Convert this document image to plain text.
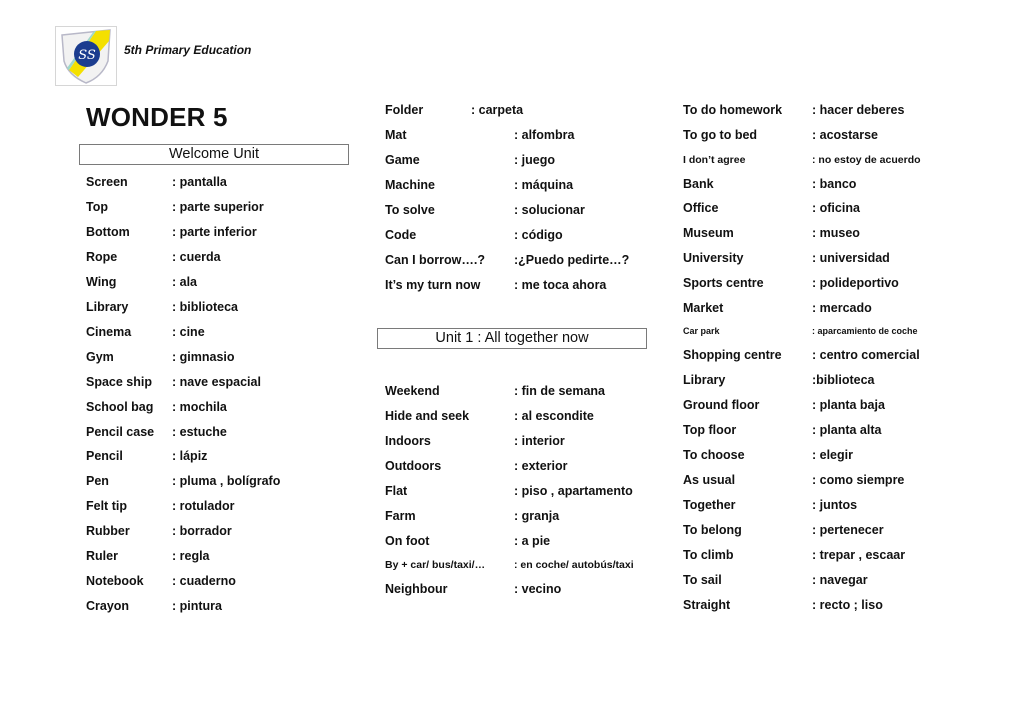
SS 5th Primary Education
WONDER 5
Welcome Unit
Unit 1 : All together now
Screen	: pantalla
Top	: parte superior
Bottom	: parte inferior
Rope	: cuerda
Wing	: ala
Library	: biblioteca
Cinema	: cine
Gym	: gimnasio
Space ship : nave espacial
School bag : mochila
Pencil case : estuche
Pencil	: lápiz
Pen	: pluma , bolígrafo
Felt tip	: rotulador
Rubber	: borrador
Ruler	: regla
Notebook : cuaderno
Crayon	: pintura
Folder	: carpeta
Mat	: alfombra
Game	: juego
Machine	: máquina
To solve	: solucionar
Code	: código
Can I borrow….? :¿Puedo pedirte…?
It’s my turn now	: me toca ahora
Weekend	: fin de semana
Hide and seek	: al escondite
Indoors	: interior
Outdoors	: exterior
Flat	: piso , apartamento
Farm	: granja
On foot	: a pie
By + car/ bus/taxi/…	: en coche/ autobús/taxi
Neighbour	: vecino
To do homework : hacer deberes
To go to bed	: acostarse
I don’t agree	: no estoy de acuerdo
Bank	: banco
Office	: oficina
Museum	: museo
University	: universidad
Sports centre	: polideportivo
Market	: mercado
Car park	: aparcamiento de coche
Shopping centre : centro comercial
Library	:biblioteca
Ground floor	: planta baja
Top floor	: planta alta
To choose	: elegir
As usual	: como siempre
Together	: juntos
To belong	: pertenecer
To climb	: trepar , escaar
To sail	: navegar
Straight	: recto ; liso
